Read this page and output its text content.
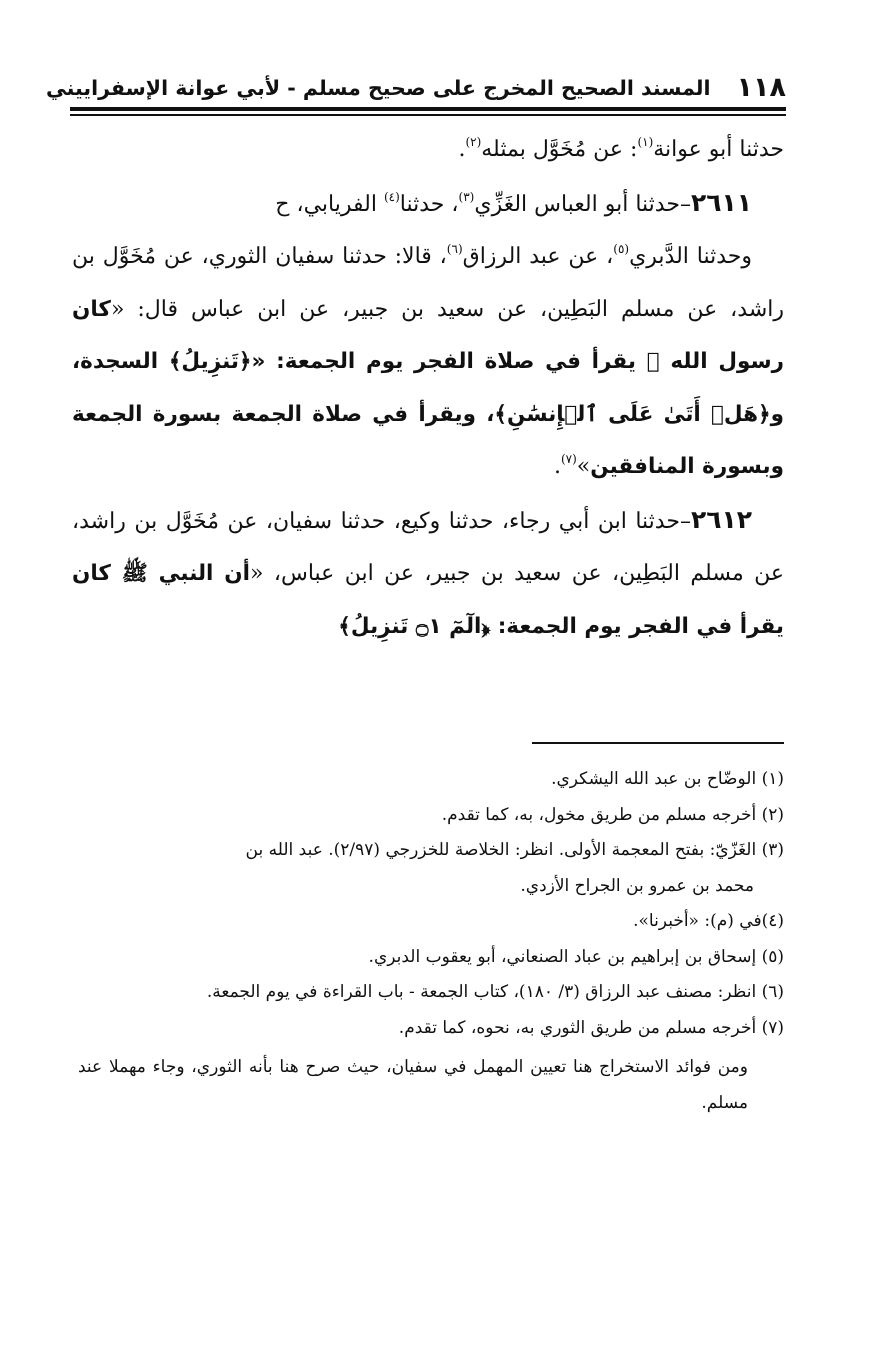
١١٨
المسند الصحيح المخرج على صحيح مسلم - لأبي عوانة الإسفراييني

حدثنا أبو عوانة$^{(١)}$: عن مُخَوَّل بمثله$^{(٢)}$.

٢٦١١–حدثنا أبو العباس الغَزِّي$^{(٣)}$، حدثنا$^{(٤)}$ الفريابي، ح

وحدثنا الدَّبري$^{(٥)}$، عن عبد الرزاق$^{(٦)}$، قالا: حدثنا سفيان الثوري، عن مُخَوَّل بن راشد، عن مسلم البَطِين، عن سعيد بن جبير، عن ابن عباس قال: «كان رسول الله ﷺ يقرأ في صلاة الفجر يوم الجمعة: «﴿تَنزِيلُ﴾ السجدة، و﴿هَلۡ أَتَىٰ عَلَى ٱلۡإِنسَٰنِ﴾، ويقرأ في صلاة الجمعة بسورة الجمعة وبسورة المنافقين»$^{(٧)}$.

٢٦١٢–حدثنا ابن أبي رجاء، حدثنا وكيع، حدثنا سفيان، عن مُخَوَّل بن راشد، عن مسلم البَطِين، عن سعيد بن جبير، عن ابن عباس، «أن النبي ﷺ كان يقرأ في الفجر يوم الجمعة: ﴿الٓمٓ ۝١ تَنزِيلُ﴾

(١) الوضّاح بن عبد الله اليشكري.

(٢) أخرجه مسلم من طريق مخول، به، كما تقدم.

(٣) الغَزّيّ: بفتح المعجمة الأولى. انظر: الخلاصة للخزرجي (٢/٩٧). عبد الله بن

محمد بن عمرو بن الجراح الأزدي.

(٤)في (م): «أخبرنا».

(٥) إسحاق بن إبراهيم بن عباد الصنعاني، أبو يعقوب الدبري.

(٦) انظر: مصنف عبد الرزاق (٣/ ١٨٠)، كتاب الجمعة - باب القراءة في يوم الجمعة.

(٧) أخرجه مسلم من طريق الثوري به، نحوه، كما تقدم.

ومن فوائد الاستخراج هنا تعيين المهمل في سفيان، حيث صرح هنا بأنه الثوري، وجاء مهملا عند مسلم.
